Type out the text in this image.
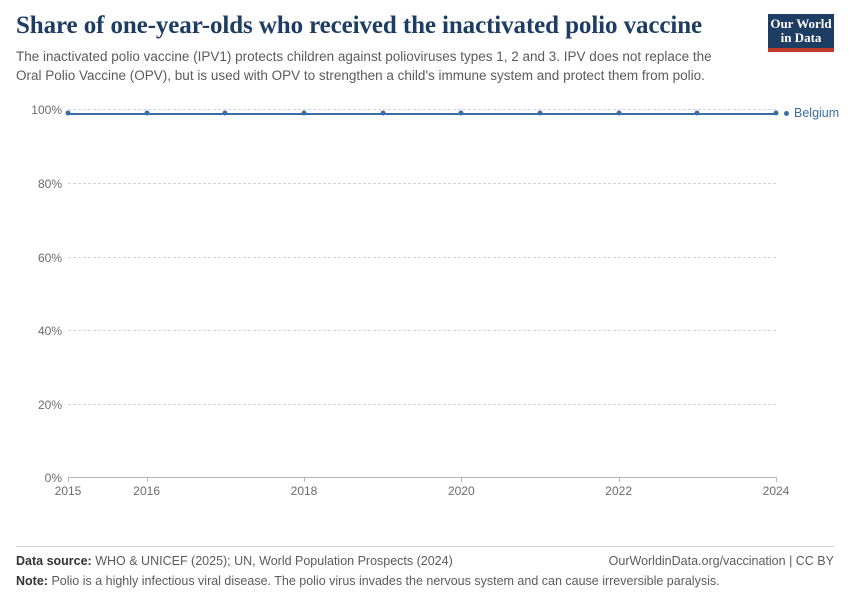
Share of one-year-olds who received the inactivated polio vaccine

The inactivated polio vaccine (IPV1) protects children against polioviruses types 1, 2 and 3. IPV does not replace the Oral Polio Vaccine (OPV), but is used with OPV to strengthen a child's immune system and protect them from polio.

Our World
in Data
2015	2016	2018	2020	2022	2024
0%
20%
40%
60%
80%
100%	Belgium
Data source: WHO & UNICEF (2025); UN, World Population Prospects (2024)	OurWorldinData.org/vaccination | CC BY
Note: Polio is a highly infectious viral disease. The polio virus invades the nervous system and can cause irreversible paralysis.
